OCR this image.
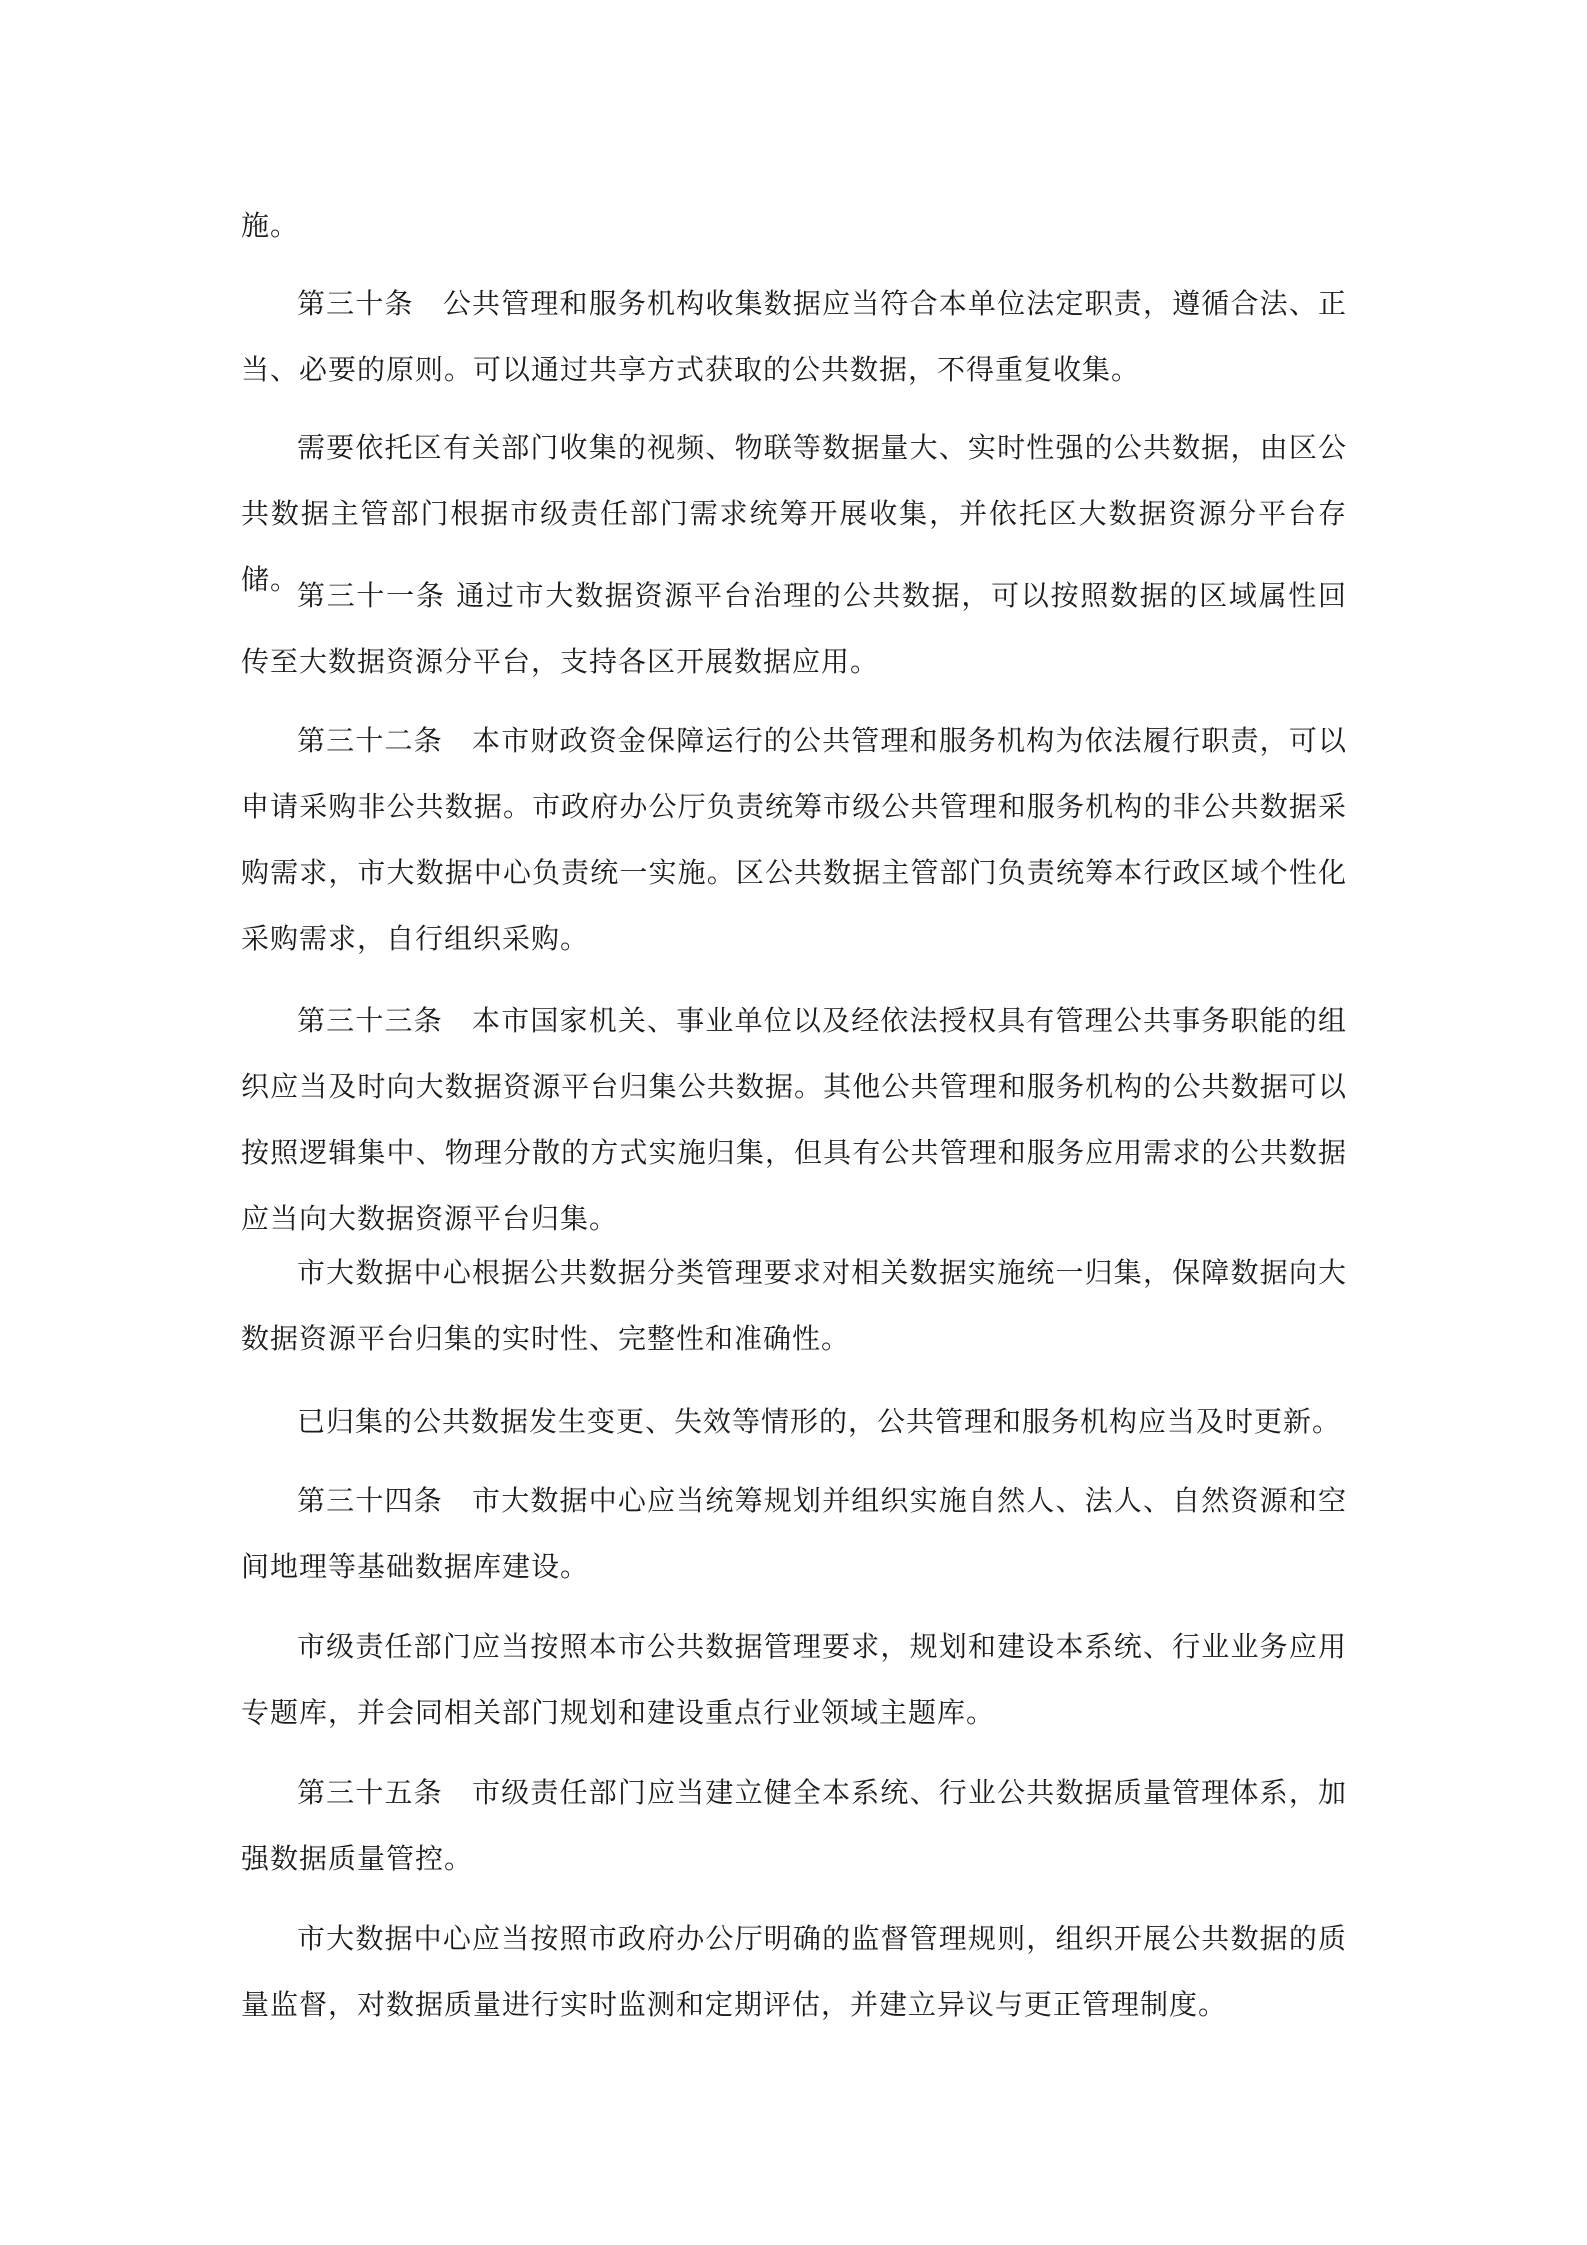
施。

第三十条　公共管理和服务机构收集数据应当符合本单位法定职责，遵循合法、正当、必要的原则。可以通过共享方式获取的公共数据，不得重复收集。

需要依托区有关部门收集的视频、物联等数据量大、实时性强的公共数据，由区公共数据主管部门根据市级责任部门需求统筹开展收集，并依托区大数据资源分平台存储。

第三十一条 通过市大数据资源平台治理的公共数据，可以按照数据的区域属性回传至大数据资源分平台，支持各区开展数据应用。

第三十二条　本市财政资金保障运行的公共管理和服务机构为依法履行职责，可以申请采购非公共数据。市政府办公厅负责统筹市级公共管理和服务机构的非公共数据采购需求，市大数据中心负责统一实施。区公共数据主管部门负责统筹本行政区域个性化采购需求，自行组织采购。

第三十三条　本市国家机关、事业单位以及经依法授权具有管理公共事务职能的组织应当及时向大数据资源平台归集公共数据。其他公共管理和服务机构的公共数据可以按照逻辑集中、物理分散的方式实施归集，但具有公共管理和服务应用需求的公共数据应当向大数据资源平台归集。

市大数据中心根据公共数据分类管理要求对相关数据实施统一归集，保障数据向大数据资源平台归集的实时性、完整性和准确性。

已归集的公共数据发生变更、失效等情形的，公共管理和服务机构应当及时更新。

第三十四条　市大数据中心应当统筹规划并组织实施自然人、法人、自然资源和空间地理等基础数据库建设。

市级责任部门应当按照本市公共数据管理要求，规划和建设本系统、行业业务应用专题库，并会同相关部门规划和建设重点行业领域主题库。

第三十五条　市级责任部门应当建立健全本系统、行业公共数据质量管理体系，加强数据质量管控。

市大数据中心应当按照市政府办公厅明确的监督管理规则，组织开展公共数据的质量监督，对数据质量进行实时监测和定期评估，并建立异议与更正管理制度。
